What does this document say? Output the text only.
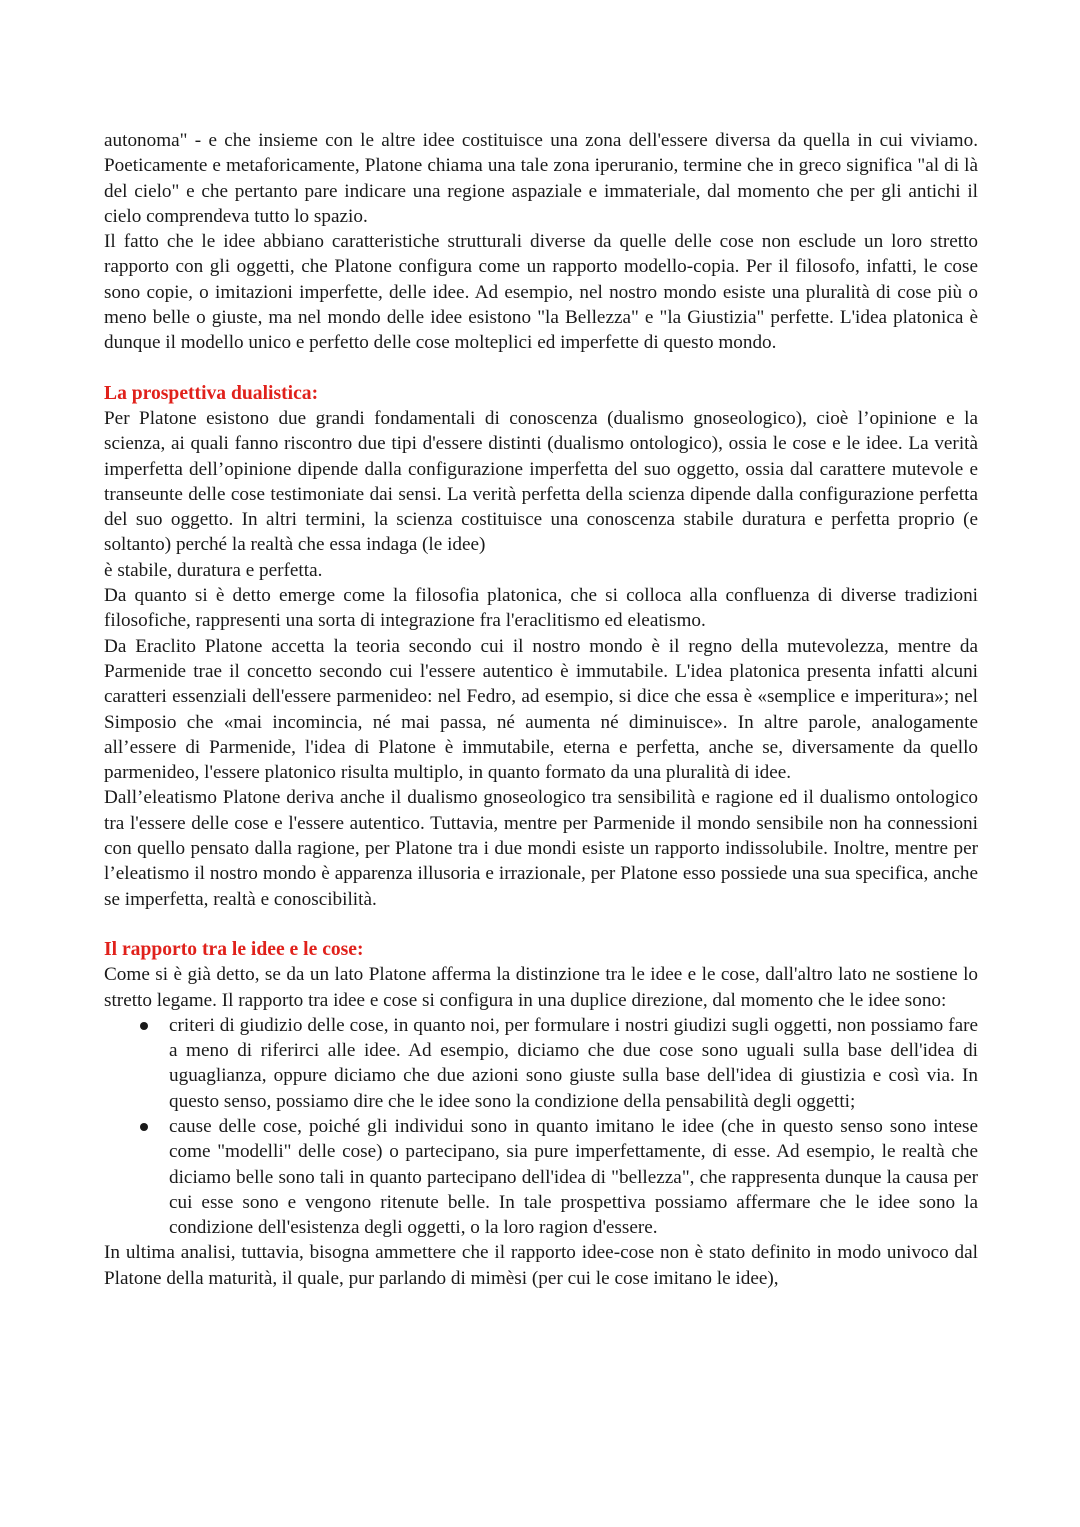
autonoma" - e che insieme con le altre idee costituisce una zona dell'essere diversa da quella in cui viviamo. Poeticamente e metaforicamente, Platone chiama una tale zona iperuranio, termine che in greco significa "al di là del cielo" e che pertanto pare indicare una regione aspaziale e immateriale, dal momento che per gli antichi il cielo comprendeva tutto lo spazio.

Il fatto che le idee abbiano caratteristiche strutturali diverse da quelle delle cose non esclude un loro stretto rapporto con gli oggetti, che Platone configura come un rapporto modello-copia. Per il filosofo, infatti, le cose sono copie, o imitazioni imperfette, delle idee. Ad esempio, nel nostro mondo esiste una pluralità di cose più o meno belle o giuste, ma nel mondo delle idee esistono "la Bellezza" e "la Giustizia" perfette. L'idea platonica è dunque il modello unico e perfetto delle cose molteplici ed imperfette di questo mondo.

La prospettiva dualistica:

Per Platone esistono due grandi fondamentali di conoscenza (dualismo gnoseologico), cioè l’opinione e la scienza, ai quali fanno riscontro due tipi d'essere distinti (dualismo ontologico), ossia le cose e le idee. La verità imperfetta dell’opinione dipende dalla configurazione imperfetta del suo oggetto, ossia dal carattere mutevole e transeunte delle cose testimoniate dai sensi. La verità perfetta della scienza dipende dalla configurazione perfetta del suo oggetto. In altri termini, la scienza costituisce una conoscenza stabile duratura e perfetta proprio (e soltanto) perché la realtà che essa indaga (le idee)

è stabile, duratura e perfetta.

Da quanto si è detto emerge come la filosofia platonica, che si colloca alla confluenza di diverse tradizioni filosofiche, rappresenti una sorta di integrazione fra l'eraclitismo ed eleatismo.

Da Eraclito Platone accetta la teoria secondo cui il nostro mondo è il regno della mutevolezza, mentre da Parmenide trae il concetto secondo cui l'essere autentico è immutabile. L'idea platonica presenta infatti alcuni caratteri essenziali dell'essere parmenideo: nel Fedro, ad esempio, si dice che essa è «semplice e imperitura»; nel Simposio che «mai incomincia, né mai passa, né aumenta né diminuisce». In altre parole, analogamente all’essere di Parmenide, l'idea di Platone è immutabile, eterna e perfetta, anche se, diversamente da quello parmenideo, l'essere platonico risulta multiplo, in quanto formato da una pluralità di idee.

Dall’eleatismo Platone deriva anche il dualismo gnoseologico tra sensibilità e ragione ed il dualismo ontologico tra l'essere delle cose e l'essere autentico. Tuttavia, mentre per Parmenide il mondo sensibile non ha connessioni con quello pensato dalla ragione, per Platone tra i due mondi esiste un rapporto indissolubile. Inoltre, mentre per l’eleatismo il nostro mondo è apparenza illusoria e irrazionale, per Platone esso possiede una sua specifica, anche se imperfetta, realtà e conoscibilità.

Il rapporto tra le idee e le cose:

Come si è già detto, se da un lato Platone afferma la distinzione tra le idee e le cose, dall'altro lato ne sostiene lo stretto legame. Il rapporto tra idee e cose si configura in una duplice direzione, dal momento che le idee sono:

criteri di giudizio delle cose, in quanto noi, per formulare i nostri giudizi sugli oggetti, non possiamo fare a meno di riferirci alle idee. Ad esempio, diciamo che due cose sono uguali sulla base dell'idea di uguaglianza, oppure diciamo che due azioni sono giuste sulla base dell'idea di giustizia e così via. In questo senso, possiamo dire che le idee sono la condizione della pensabilità degli oggetti;
cause delle cose, poiché gli individui sono in quanto imitano le idee (che in questo senso sono intese come "modelli" delle cose) o partecipano, sia pure imperfettamente, di esse. Ad esempio, le realtà che diciamo belle sono tali in quanto partecipano dell'idea di "bellezza", che rappresenta dunque la causa per cui esse sono e vengono ritenute belle. In tale prospettiva possiamo affermare che le idee sono la condizione dell'esistenza degli oggetti, o la loro ragion d'essere.

In ultima analisi, tuttavia, bisogna ammettere che il rapporto idee-cose non è stato definito in modo univoco dal Platone della maturità, il quale, pur parlando di mimèsi (per cui le cose imitano le idee),
